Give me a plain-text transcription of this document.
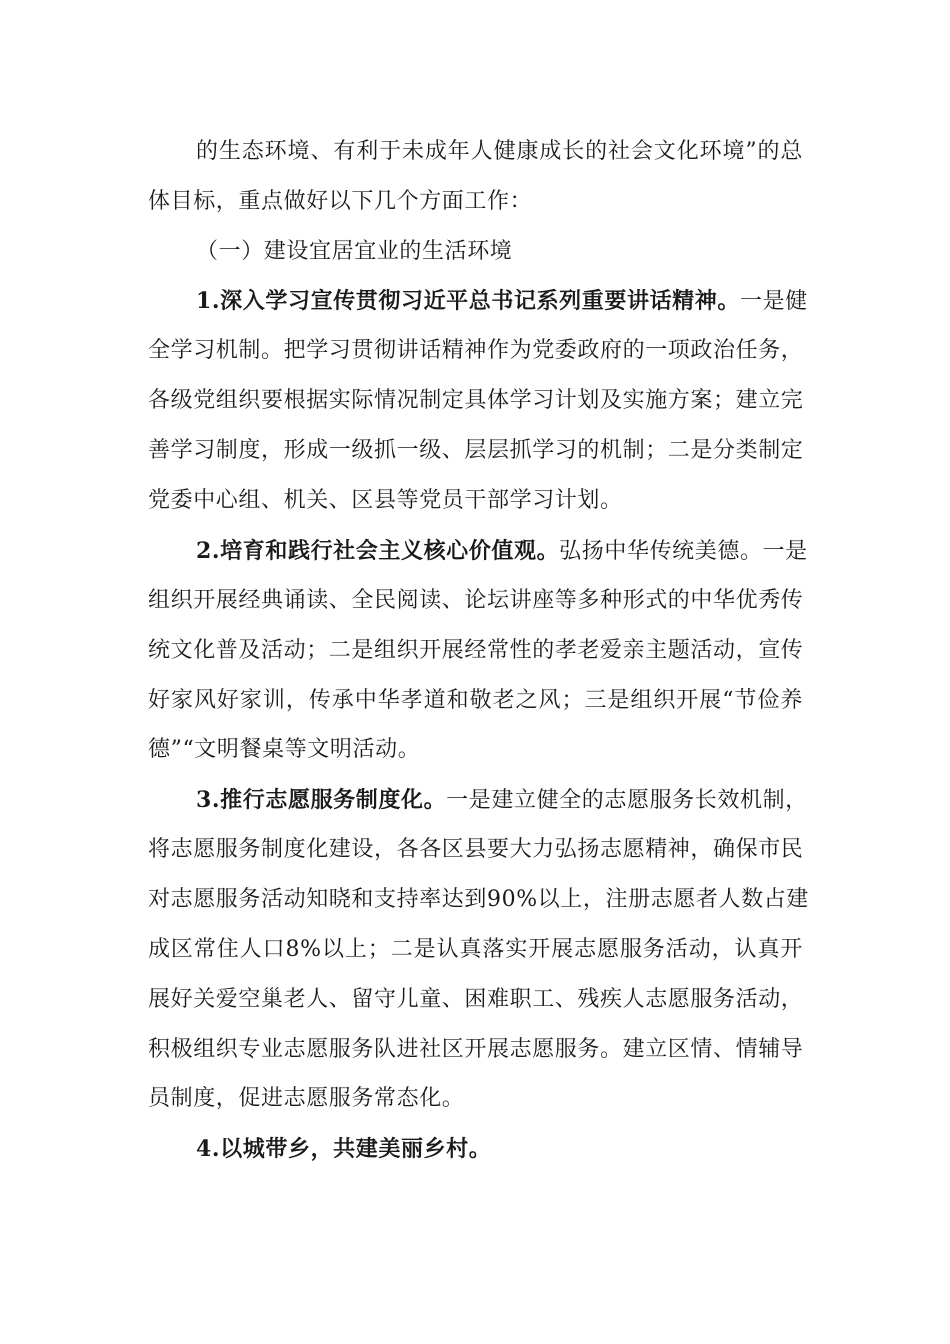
的生态环境、有利于未成年人健康成长的社会文化环境”的总
体目标，重点做好以下几个方面工作：
（一）建设宜居宜业的生活环境
1.深入学习宣传贯彻习近平总书记系列重要讲话精神。一是健
全学习机制。把学习贯彻讲话精神作为党委政府的一项政治任务，
各级党组织要根据实际情况制定具体学习计划及实施方案；建立完
善学习制度，形成一级抓一级、层层抓学习的机制；二是分类制定
党委中心组、机关、区县等党员干部学习计划。
2.培育和践行社会主义核心价值观。弘扬中华传统美德。一是
组织开展经典诵读、全民阅读、论坛讲座等多种形式的中华优秀传
统文化普及活动；二是组织开展经常性的孝老爱亲主题活动，宣传
好家风好家训，传承中华孝道和敬老之风；三是组织开展“节俭养
德”“文明餐桌等文明活动。
3.推行志愿服务制度化。一是建立健全的志愿服务长效机制，
将志愿服务制度化建设，各各区县要大力弘扬志愿精神，确保市民
对志愿服务活动知晓和支持率达到90%以上，注册志愿者人数占建
成区常住人口8%以上；二是认真落实开展志愿服务活动，认真开
展好关爱空巢老人、留守儿童、困难职工、残疾人志愿服务活动，
积极组织专业志愿服务队进社区开展志愿服务。建立区情、情辅导
员制度，促进志愿服务常态化。
4.以城带乡，共建美丽乡村。
